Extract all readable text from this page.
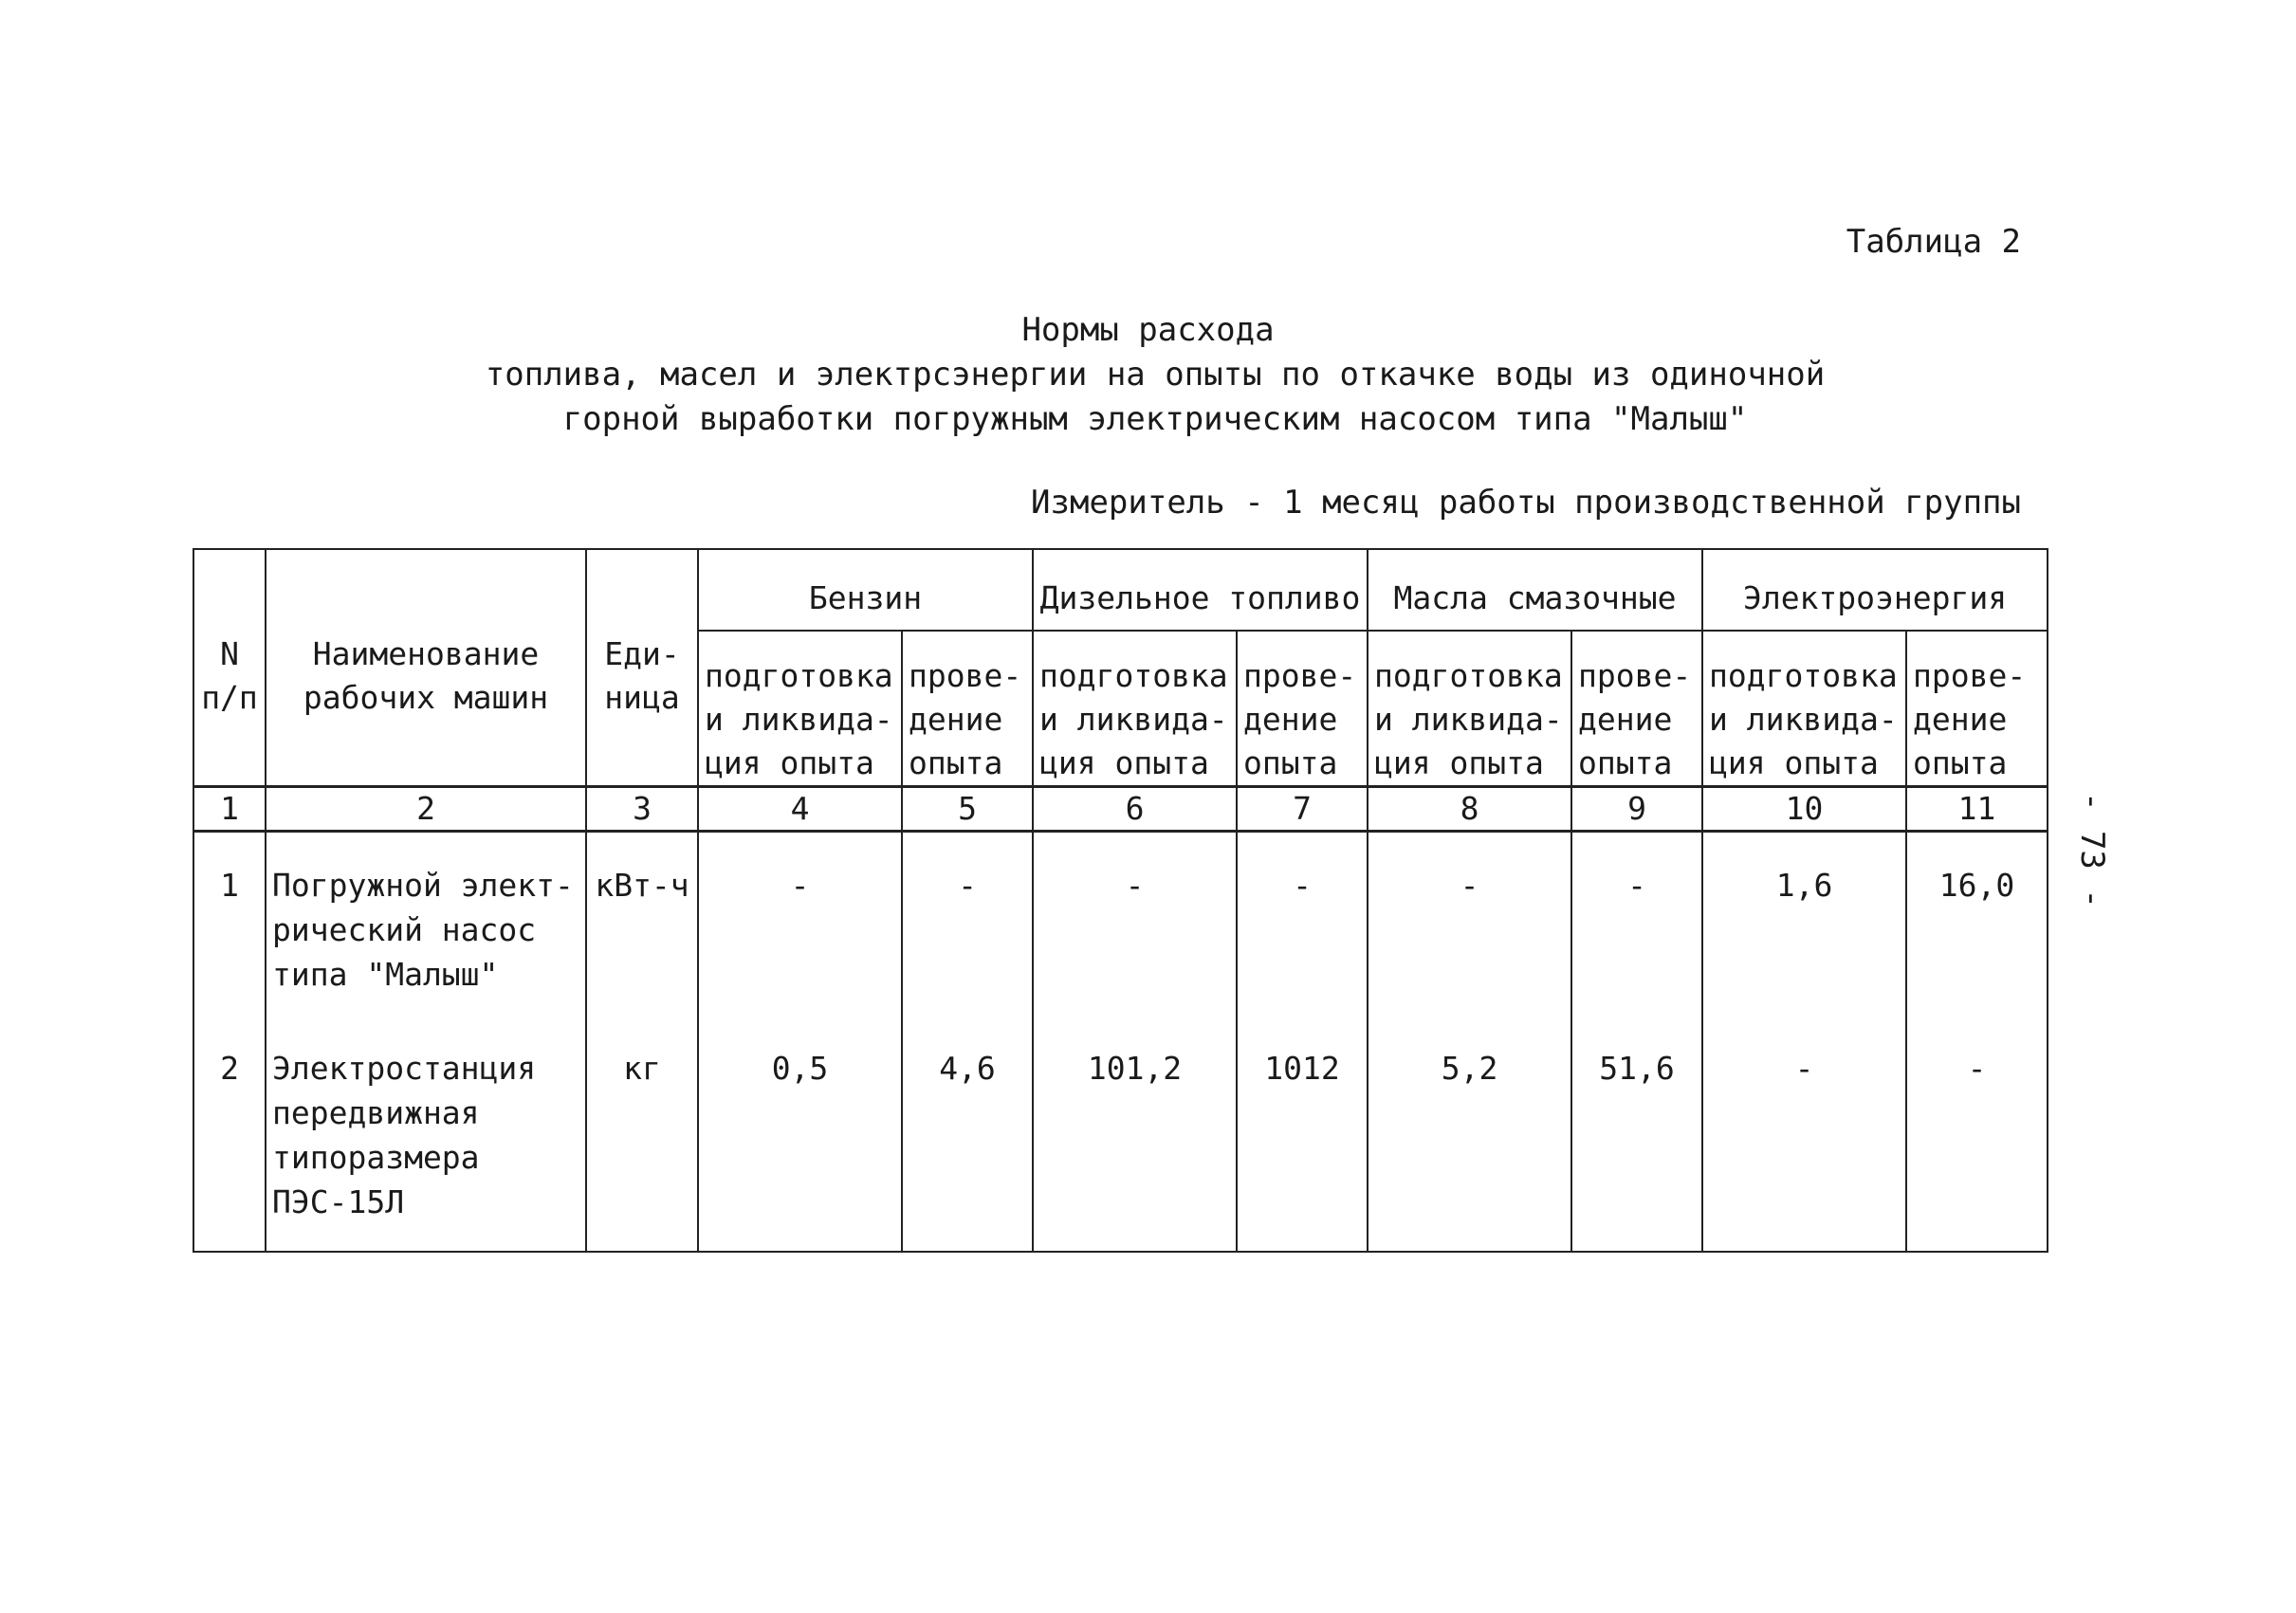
Таблица 2
Нормы расхода
топлива, масел и электрсэнергии на опыты по откачке воды из одиночной
горной выработки погружным электрическим насосом типа "Малыш"
Измеритель - 1 месяц работы производственной группы
- 73 -
N п/п	Наименование рабочих машин	Еди- ница	Бензин		Дизельное топливо		Масла смазочные		Электроэнергия	
			подготовка и ликвида- ция опыта	прове- дение опыта	подготовка и ликвида- ция опыта	прове- дение опыта	подготовка и ликвида- ция опыта	прове- дение опыта	подготовка и ликвида- ция опыта	прове- дение опыта
1	2	3	4	5	6	7	8	9	10	11
1	Погружной элект- рический насос типа "Малыш"	кВт-ч	-	-	-	-	-	-	1,6	16,0
2	Электростанция передвижная типоразмера ПЭС-15Л	кг	0,5	4,6	101,2	1012	5,2	51,6	-	-
